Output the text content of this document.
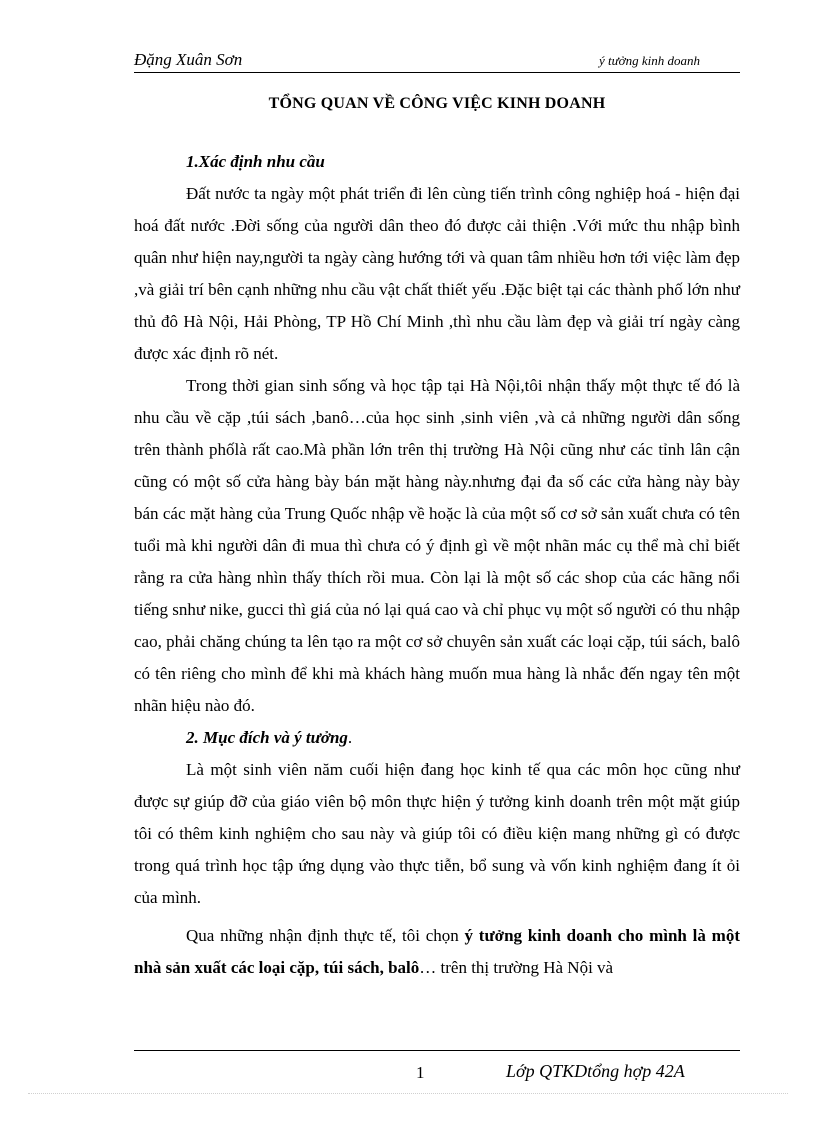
Đặng Xuân Sơn	ý tưởng kinh doanh
TỔNG QUAN VỀ CÔNG VIỆC KINH DOANH

1.Xác định nhu cầu

Đất nước ta ngày một phát triển đi lên cùng tiến trình công nghiệp hoá - hiện đại hoá đất nước .Đời sống của người dân theo đó được cải thiện .Với mức thu nhập bình quân như hiện nay,người ta ngày càng hướng tới và quan tâm nhiều hơn tới việc làm đẹp ,và giải trí bên cạnh những nhu cầu vật chất thiết yếu .Đặc biệt tại các thành phố lớn như thủ đô Hà Nội, Hải Phòng, TP Hồ Chí Minh ,thì nhu cầu làm đẹp và giải trí ngày càng được xác định rõ nét.

Trong thời gian sinh sống và học tập tại Hà Nội,tôi nhận thấy một thực tế đó là nhu cầu về cặp ,túi sách ,banô…của học sinh ,sinh viên ,và cả những người dân sống trên thành phốlà rất cao.Mà phần lớn trên thị trường Hà Nội cũng như các tỉnh lân cận cũng có một số cửa hàng bày bán mặt hàng này.nhưng đại đa số các cửa hàng này bày bán các mặt hàng của Trung Quốc nhập về hoặc là của một số cơ sở sản xuất chưa có tên tuổi mà khi người dân đi mua thì chưa có ý định gì về một nhãn mác cụ thể mà chỉ biết rằng ra cửa hàng nhìn thấy thích rồi mua. Còn lại là một số các shop của các hãng nổi tiếng snhư nike, gucci thì giá của nó lại quá cao và chỉ phục vụ một số người có thu nhập cao, phải chăng chúng ta lên tạo ra một cơ sở chuyên sản xuất các loại cặp, túi sách, balô có tên riêng cho mình để khi mà khách hàng muốn mua hàng là nhắc đến ngay tên một nhãn hiệu nào đó.

2. Mục đích và ý tưởng.

Là một sinh viên năm cuối hiện đang học kinh tế qua các môn học cũng như được sự giúp đỡ của giáo viên bộ môn thực hiện ý tưởng kinh doanh trên một mặt giúp tôi có thêm kinh nghiệm cho sau này và giúp tôi có điều kiện mang những gì có được trong quá trình học tập ứng dụng vào thực tiễn, bổ sung và vốn kinh nghiệm đang ít ỏi của mình.

Qua những nhận định thực tế, tôi chọn ý tưởng kinh doanh cho mình là một nhà sản xuất các loại cặp, túi sách, balô… trên thị trường Hà Nội và

1	Lớp QTKDtổng hợp 42A
